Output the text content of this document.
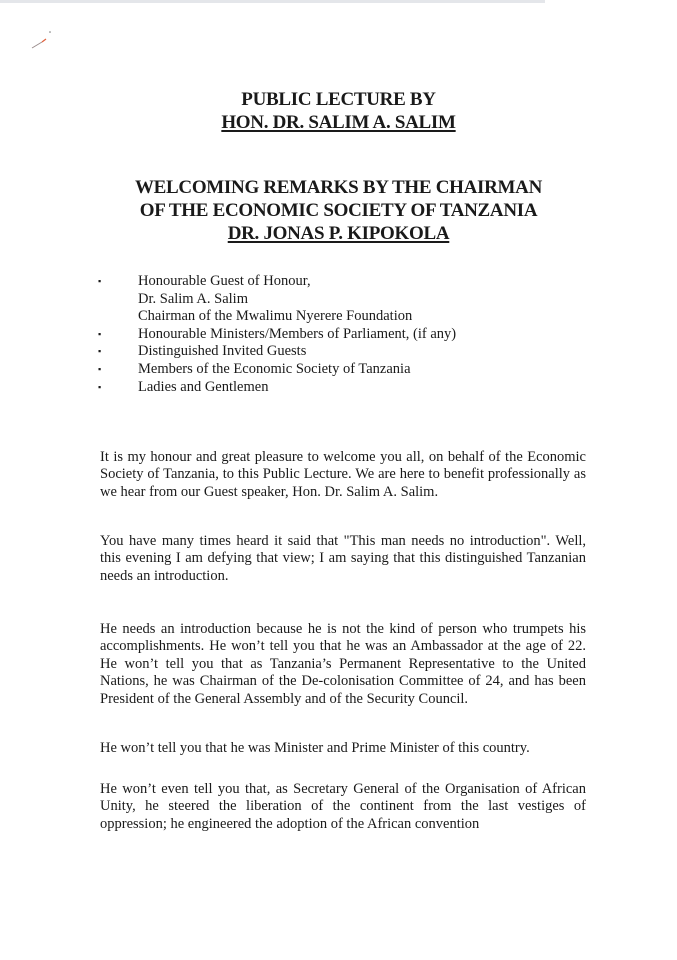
PUBLIC LECTURE BY
HON. DR. SALIM A. SALIM
WELCOMING REMARKS BY THE CHAIRMAN
OF THE ECONOMIC SOCIETY OF TANZANIA
DR. JONAS P. KIPOKOLA
▪	Honourable Guest of Honour,
Dr. Salim A. Salim
Chairman of the Mwalimu Nyerere Foundation
▪	Honourable Ministers/Members of Parliament, (if any)
▪	Distinguished Invited Guests
▪	Members of the Economic Society of Tanzania
▪	Ladies and Gentlemen

It is my honour and great pleasure to welcome you all, on behalf of the Economic Society of Tanzania, to this Public Lecture. We are here to benefit professionally as we hear from our Guest speaker, Hon. Dr. Salim A. Salim.

You have many times heard it said that "This man needs no introduction". Well, this evening I am defying that view; I am saying that this distinguished Tanzanian needs an introduction.

He needs an introduction because he is not the kind of person who trumpets his accomplishments. He won’t tell you that he was an Ambassador at the age of 22. He won’t tell you that as Tanzania’s Permanent Representative to the United Nations, he was Chairman of the De-colonisation Committee of 24, and has been President of the General Assembly and of the Security Council.

He won’t tell you that he was Minister and Prime Minister of this country.

He won’t even tell you that, as Secretary General of the Organisation of African Unity, he steered the liberation of the continent from the last vestiges of oppression; he engineered the adoption of the African convention
